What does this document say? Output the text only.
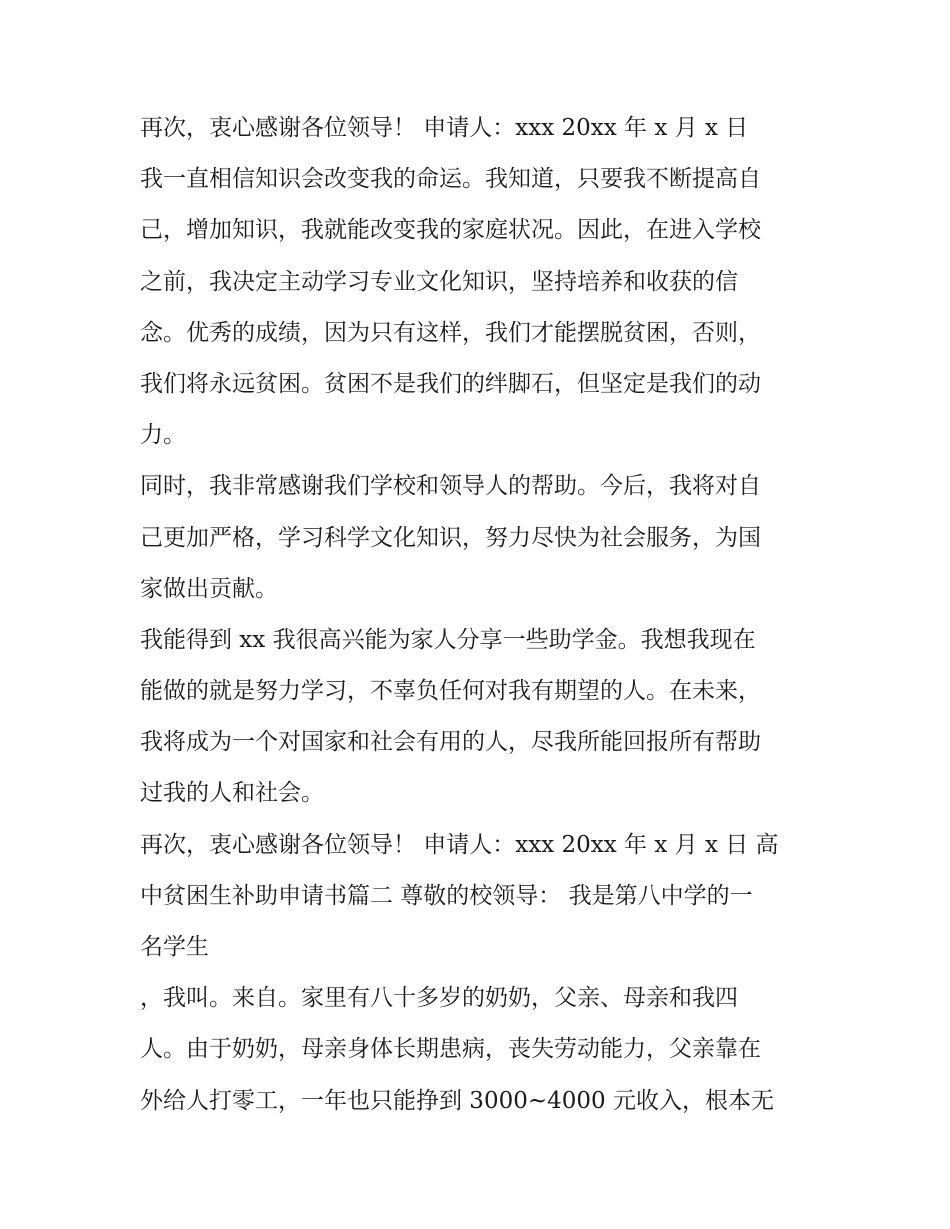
再次，衷心感谢各位领导！ 申请人：xxx 20xx 年 x 月 x 日
我一直相信知识会改变我的命运。我知道，只要我不断提高自
己，增加知识，我就能改变我的家庭状况。因此，在进入学校
之前，我决定主动学习专业文化知识，坚持培养和收获的信
念。优秀的成绩，因为只有这样，我们才能摆脱贫困，否则，
我们将永远贫困。贫困不是我们的绊脚石，但坚定是我们的动
力。
同时，我非常感谢我们学校和领导人的帮助。今后，我将对自
己更加严格，学习科学文化知识，努力尽快为社会服务，为国
家做出贡献。
我能得到 xx 我很高兴能为家人分享一些助学金。我想我现在
能做的就是努力学习，不辜负任何对我有期望的人。在未来，
我将成为一个对国家和社会有用的人，尽我所能回报所有帮助
过我的人和社会。
再次，衷心感谢各位领导！ 申请人：xxx 20xx 年 x 月 x 日 高
中贫困生补助申请书篇二 尊敬的校领导： 我是第八中学的一
名学生
，我叫。来自。家里有八十多岁的奶奶，父亲、母亲和我四
人。由于奶奶，母亲身体长期患病，丧失劳动能力，父亲靠在
外给人打零工，一年也只能挣到 3000~4000 元收入，根本无
